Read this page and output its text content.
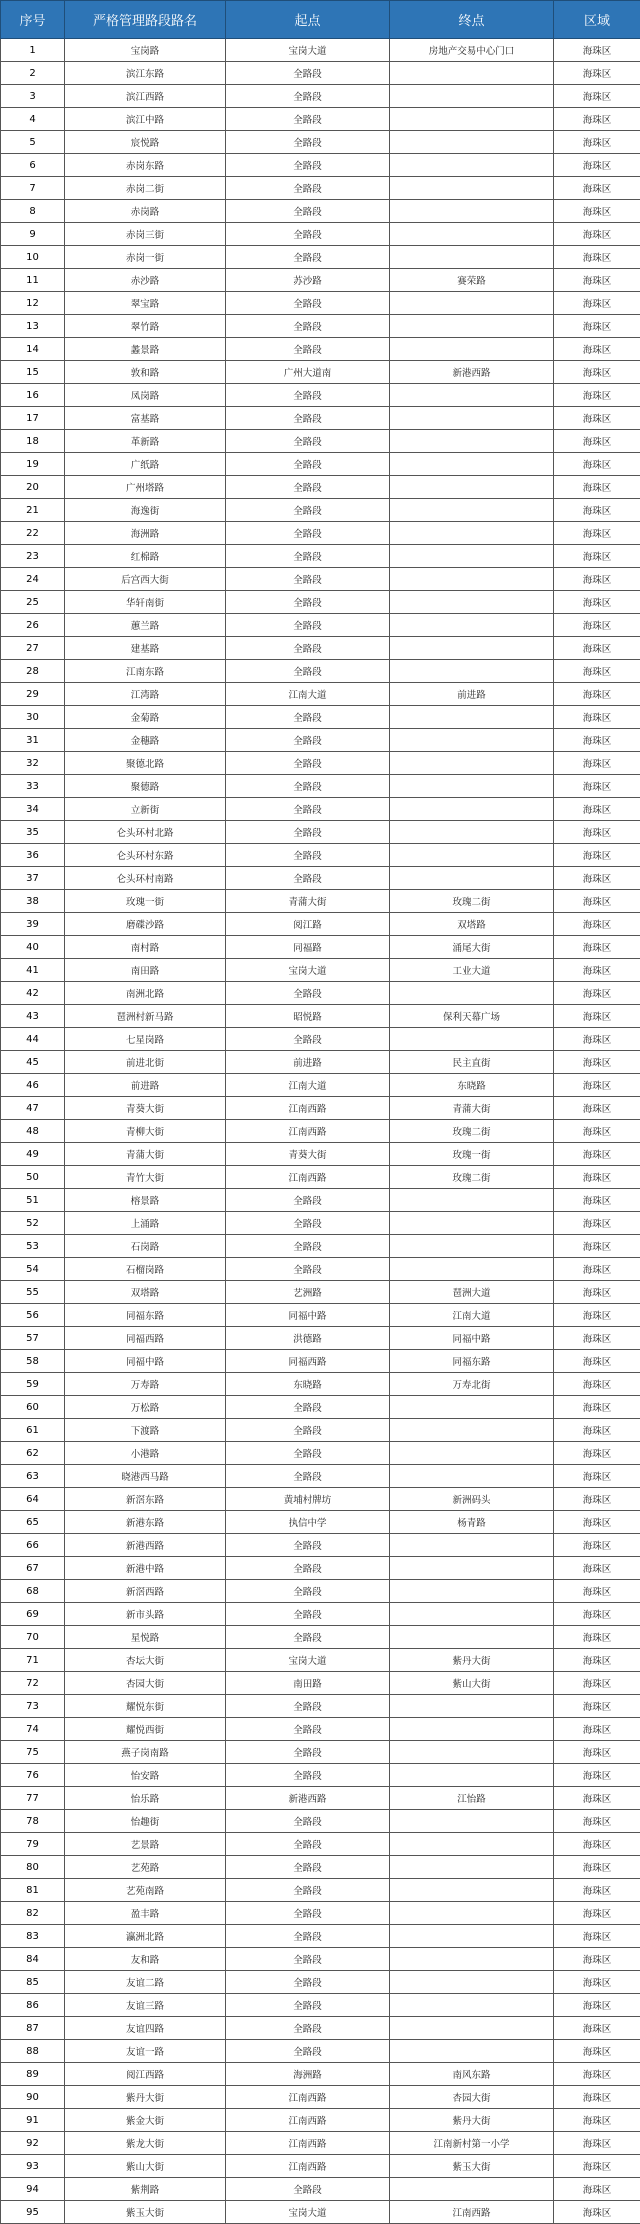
序号	严格管理路段路名	起点	终点	区域
1	宝岗路	宝岗大道	房地产交易中心门口	海珠区
2	滨江东路	全路段		海珠区
3	滨江西路	全路段		海珠区
4	滨江中路	全路段		海珠区
5	宸悦路	全路段		海珠区
6	赤岗东路	全路段		海珠区
7	赤岗二街	全路段		海珠区
8	赤岗路	全路段		海珠区
9	赤岗三街	全路段		海珠区
10	赤岗一街	全路段		海珠区
11	赤沙路	苏沙路	赛荣路	海珠区
12	翠宝路	全路段		海珠区
13	翠竹路	全路段		海珠区
14	蠡景路	全路段		海珠区
15	敦和路	广州大道南	新港西路	海珠区
16	凤岗路	全路段		海珠区
17	富基路	全路段		海珠区
18	革新路	全路段		海珠区
19	广纸路	全路段		海珠区
20	广州塔路	全路段		海珠区
21	海逸街	全路段		海珠区
22	海洲路	全路段		海珠区
23	红棉路	全路段		海珠区
24	后宫西大街	全路段		海珠区
25	华轩南街	全路段		海珠区
26	蕙兰路	全路段		海珠区
27	建基路	全路段		海珠区
28	江南东路	全路段		海珠区
29	江湾路	江南大道	前进路	海珠区
30	金菊路	全路段		海珠区
31	金穗路	全路段		海珠区
32	聚德北路	全路段		海珠区
33	聚德路	全路段		海珠区
34	立新街	全路段		海珠区
35	仑头环村北路	全路段		海珠区
36	仑头环村东路	全路段		海珠区
37	仑头环村南路	全路段		海珠区
38	玫瑰一街	青蒲大街	玫瑰二街	海珠区
39	磨碟沙路	阅江路	双塔路	海珠区
40	南村路	同福路	涌尾大街	海珠区
41	南田路	宝岗大道	工业大道	海珠区
42	南洲北路	全路段		海珠区
43	琶洲村新马路	昭悦路	保利天幕广场	海珠区
44	七星岗路	全路段		海珠区
45	前进北街	前进路	民主直街	海珠区
46	前进路	江南大道	东晓路	海珠区
47	青葵大街	江南西路	青蒲大街	海珠区
48	青柳大街	江南西路	玫瑰二街	海珠区
49	青蒲大街	青葵大街	玫瑰一街	海珠区
50	青竹大街	江南西路	玫瑰二街	海珠区
51	榕景路	全路段		海珠区
52	上涌路	全路段		海珠区
53	石岗路	全路段		海珠区
54	石榴岗路	全路段		海珠区
55	双塔路	艺洲路	琶洲大道	海珠区
56	同福东路	同福中路	江南大道	海珠区
57	同福西路	洪德路	同福中路	海珠区
58	同福中路	同福西路	同福东路	海珠区
59	万寿路	东晓路	万寿北街	海珠区
60	万松路	全路段		海珠区
61	下渡路	全路段		海珠区
62	小港路	全路段		海珠区
63	晓港西马路	全路段		海珠区
64	新滘东路	黄埔村牌坊	新洲码头	海珠区
65	新港东路	执信中学	杨青路	海珠区
66	新港西路	全路段		海珠区
67	新港中路	全路段		海珠区
68	新滘西路	全路段		海珠区
69	新市头路	全路段		海珠区
70	星悦路	全路段		海珠区
71	杏坛大街	宝岗大道	紫丹大街	海珠区
72	杏园大街	南田路	紫山大街	海珠区
73	耀悦东街	全路段		海珠区
74	耀悦西街	全路段		海珠区
75	燕子岗南路	全路段		海珠区
76	怡安路	全路段		海珠区
77	怡乐路	新港西路	江怡路	海珠区
78	怡趣街	全路段		海珠区
79	艺景路	全路段		海珠区
80	艺苑路	全路段		海珠区
81	艺苑南路	全路段		海珠区
82	盈丰路	全路段		海珠区
83	瀛洲北路	全路段		海珠区
84	友和路	全路段		海珠区
85	友谊二路	全路段		海珠区
86	友谊三路	全路段		海珠区
87	友谊四路	全路段		海珠区
88	友谊一路	全路段		海珠区
89	阅江西路	海洲路	南风东路	海珠区
90	紫丹大街	江南西路	杏园大街	海珠区
91	紫金大街	江南西路	紫丹大街	海珠区
92	紫龙大街	江南西路	江南新村第一小学	海珠区
93	紫山大街	江南西路	紫玉大街	海珠区
94	紫荆路	全路段		海珠区
95	紫玉大街	宝岗大道	江南西路	海珠区
